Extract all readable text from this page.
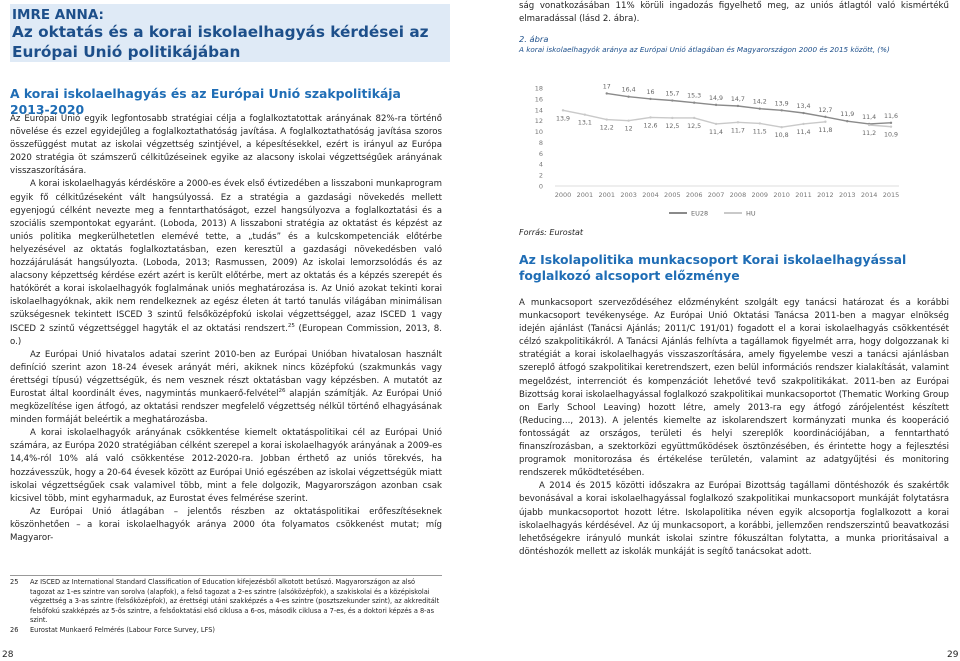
IMRE ANNA:
Az oktatás és a korai iskolaelhagyás kérdései az Európai Unió politikájában
A korai iskolaelhagyás és az Európai Unió szakpolitikája 2013-2020

Az Európai Unió egyik legfontosabb stratégiai célja a foglalkoztatottak arányának 82%-ra történő növelése és ezzel egyidejűleg a foglalkoztathatóság javítása. A foglalkoztathatóság javítása szoros összefüggést mutat az iskolai végzettség szintjével, a képesítésekkel, ezért is irányul az Európa 2020 stratégia öt számszerű célkitűzéseinek egyike az alacsony iskolai végzettségűek arányának visszaszorítására.

A korai iskolaelhagyás kérdésköre a 2000-es évek első évtizedében a lisszaboni munkaprogram egyik fő célkitűzéseként vált hangsúlyossá. Ez a stratégia a gazdasági növekedés mellett egyenjogú célként nevezte meg a fenntarthatóságot, ezzel hangsúlyozva a foglalkoztatási és a szociális szempontokat egyaránt. (Loboda, 2013) A lisszaboni stratégia az oktatást és képzést az uniós politika megkerülhetetlen elemévé tette, a „tudás” és a kulcskompetenciák előtérbe helyezésével az oktatás foglalkoztatásban, ezen keresztül a gazdasági növekedésben való hozzájárulását hangsúlyozta. (Loboda, 2013; Rasmussen, 2009) Az iskolai lemorzsolódás és az alacsony képzettség kérdése ezért azért is került előtérbe, mert az oktatás és a képzés szerepét és hatókörét a korai iskolaelhagyók foglalmának uniós meghatározása is. Az Unió azokat tekinti korai iskolaelhagyóknak, akik nem rendelkeznek az egész életen át tartó tanulás világában minimálisan szükségesnek tekintett ISCED 3 szintű felsőközépfokú iskolai végzettséggel, azaz ISCED 1 vagy ISCED 2 szintű végzettséggel hagyták el az oktatási rendszert.$^{25}$ (European Commission, 2013, 8. o.)

Az Európai Unió hivatalos adatai szerint 2010-ben az Európai Unióban hivatalosan használt definíció szerint azon 18-24 évesek arányát méri, akiknek nincs középfokú (szakmunkás vagy érettségi típusú) végzettségük, és nem vesznek részt oktatásban vagy képzésben. A mutatót az Eurostat által koordinált éves, nagymintás munkaerő-felvétel$^{26}$ alapján számítják. Az Európai Unió megközelítése igen átfogó, az oktatási rendszer megfelelő végzettség nélkül történő elhagyásának minden formáját beleértik a meghatározásba.

A korai iskolaelhagyók arányának csökkentése kiemelt oktatáspolitikai cél az Európai Unió számára, az Európa 2020 stratégiában célként szerepel a korai iskolaelhagyók arányának a 2009-es 14,4%-ról 10% alá való csökkentése 2012-2020-ra. Jobban érthető az uniós törekvés, ha hozzávesszük, hogy a 20-64 évesek között az Európai Unió egészében az iskolai végzettségük miatt iskolai végzettségűek csak valamivel több, mint a fele dolgozik, Magyarországon azonban csak kicsivel több, mint egyharmaduk, az Eurostat éves felmérése szerint.

Az Európai Unió átlagában – jelentős részben az oktatáspolitikai erőfeszítéseknek köszönhetően – a korai iskolaelhagyók aránya 2000 óta folyamatos csökkenést mutat; míg Magyaror-

25	Az ISCED az International Standard Classification of Education kifejezésből alkotott betűszó. Magyarországon az alsó tagozat az 1-es szintre van sorolva (alapfok), a felső tagozat a 2-es szintre (alsóközépfok), a szakiskolai és a középiskolai végzettség a 3-as szintre (felsőközépfok), az érettségi utáni szakképzés a 4-es szintre (posztszekunder szint), az akkreditált felsőfokú szakképzés az 5-ös szintre, a felsőoktatási első ciklusa a 6-os, második ciklusa a 7-es, és a doktori képzés a 8-as szint.
26	Eurostat Munkaerő Felmérés (Labour Force Survey, LFS)
28

ság vonatkozásában 11% körüli ingadozás figyelhető meg, az uniós átlagtól való kismértékű elmaradással (lásd 2. ábra).

2. ábra
A korai iskolaelhagyók aránya az Európai Unió átlagában és Magyarországon 2000 és 2015 között, (%)
0
2
4
6
8
10
12
14
16
18
2000 2001 2001 2003 2004 2005 2006 2007 2008 2009 2010 2011 2012 2013 2014 2015
17 16,4 16 15,7 15,3 14,9 14,7 14,2 13,9 13,4
12,7
11,9 11,4 11,6
13,9
13,1
12,2 12 12,6 12,5 12,5
11,4 11,7 11,5
10,8 11,4 11,8	11,2 10,9
EU28	HU
Forrás: Eurostat
Az Iskolapolitika munkacsoport Korai iskolaelhagyással foglalkozó alcsoport előzménye

A munkacsoport szerveződéséhez előzményként szolgált egy tanácsi határozat és a korábbi munkacsoport tevékenysége. Az Európai Unió Oktatási Tanácsa 2011-ben a magyar elnökség idején ajánlást (Tanácsi Ajánlás; 2011/C 191/01) fogadott el a korai iskolaelhagyás csökkentését célzó szakpolitikákról. A Tanácsi Ajánlás felhívta a tagállamok figyelmét arra, hogy dolgozzanak ki stratégiát a korai iskolaelhagyás visszaszorítására, amely figyelembe veszi a tanácsi ajánlásban szereplő átfogó szakpolitikai keretrendszert, ezen belül információs rendszer kialakítását, valamint megelőzést, interrenciót és kompenzációt lehetővé tevő szakpolitikákat. 2011-ben az Európai Bizottság korai iskolaelhagyással foglalkozó szakpolitikai munkacsoportot (Thematic Working Group on Early School Leaving) hozott létre, amely 2013-ra egy átfogó zárójelentést készített (Reducing..., 2013). A jelentés kiemelte az iskolarendszert kormányzati munka és kooperáció fontosságát az országos, területi és helyi szereplők koordinációjában, a fenntartható finanszírozásban, a szektorközi együttműködések ösztönzésében, és érintette hogy a fejlesztési programok monitorozása és értékelése területén, valamint az adatgyűjtési és monitoring rendszerek működtetésében.

A 2014 és 2015 közötti időszakra az Európai Bizottság tagállami döntéshozók és szakértők bevonásával a korai iskolaelhagyással foglalkozó szakpolitikai munkacsoport munkáját folytatásra újabb munkacsoportot hozott létre. Iskolapolitika néven egyik alcsoportja foglalkozott a korai iskolaelhagyás kérdésével. Az új munkacsoport, a korábbi, jellemzően rendszerszintű beavatkozási lehetőségekre irányuló munkát iskolai szintre fókuszáltan folytatta, a munka prioritásaival a döntéshozók mellett az iskolák munkáját is segítő tanácsokat adott.

29
